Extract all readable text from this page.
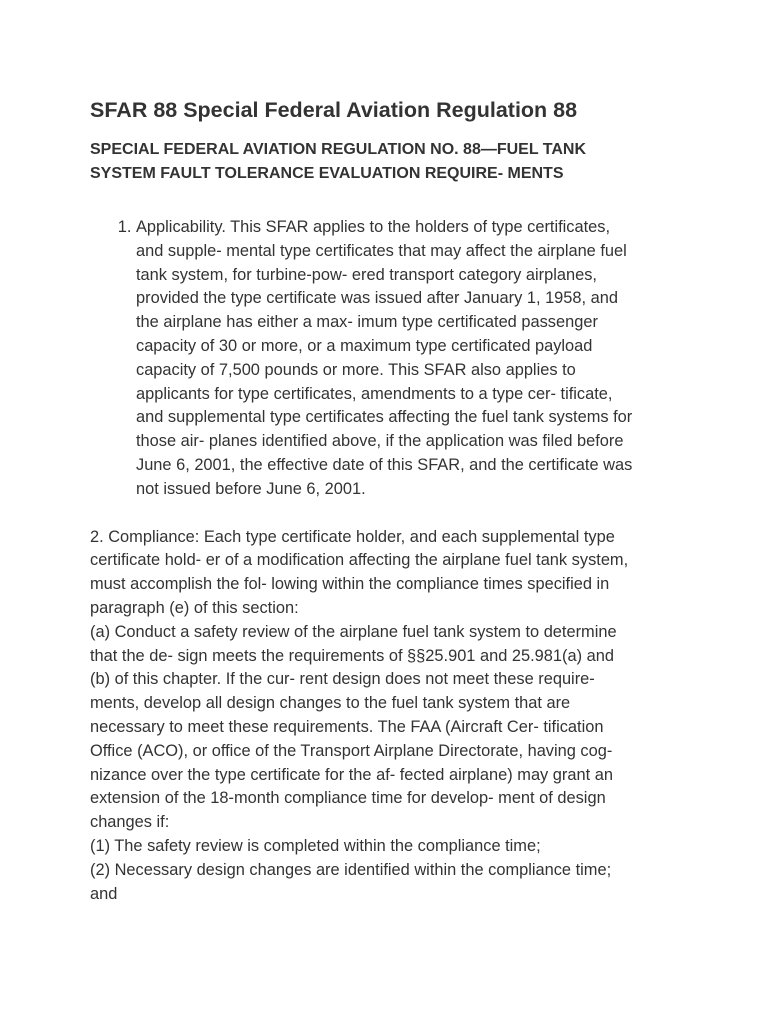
SFAR 88 Special Federal Aviation Regulation 88
SPECIAL FEDERAL AVIATION REGULATION NO. 88—FUEL TANK
SYSTEM FAULT TOLERANCE EVALUATION REQUIRE- MENTS
1. Applicability. This SFAR applies to the holders of type certificates,
and supple- mental type certificates that may affect the airplane fuel
tank system, for turbine-pow- ered transport category airplanes,
provided the type certificate was issued after January 1, 1958, and
the airplane has either a max- imum type certificated passenger
capacity of 30 or more, or a maximum type certificated payload
capacity of 7,500 pounds or more. This SFAR also applies to
applicants for type certificates, amendments to a type cer- tificate,
and supplemental type certificates affecting the fuel tank systems for
those air- planes identified above, if the application was filed before
June 6, 2001, the effective date of this SFAR, and the certificate was
not issued before June 6, 2001.

2. Compliance: Each type certificate holder, and each supplemental type
certificate hold- er of a modification affecting the airplane fuel tank system,
must accomplish the fol- lowing within the compliance times specified in
paragraph (e) of this section:

(a) Conduct a safety review of the airplane fuel tank system to determine
that the de- sign meets the requirements of §§25.901 and 25.981(a) and
(b) of this chapter. If the cur- rent design does not meet these require-
ments, develop all design changes to the fuel tank system that are
necessary to meet these requirements. The FAA (Aircraft Cer- tification
Office (ACO), or office of the Transport Airplane Directorate, having cog-
nizance over the type certificate for the af- fected airplane) may grant an
extension of the 18-month compliance time for develop- ment of design
changes if:

(1) The safety review is completed within the compliance time;

(2) Necessary design changes are identified within the compliance time;
and
